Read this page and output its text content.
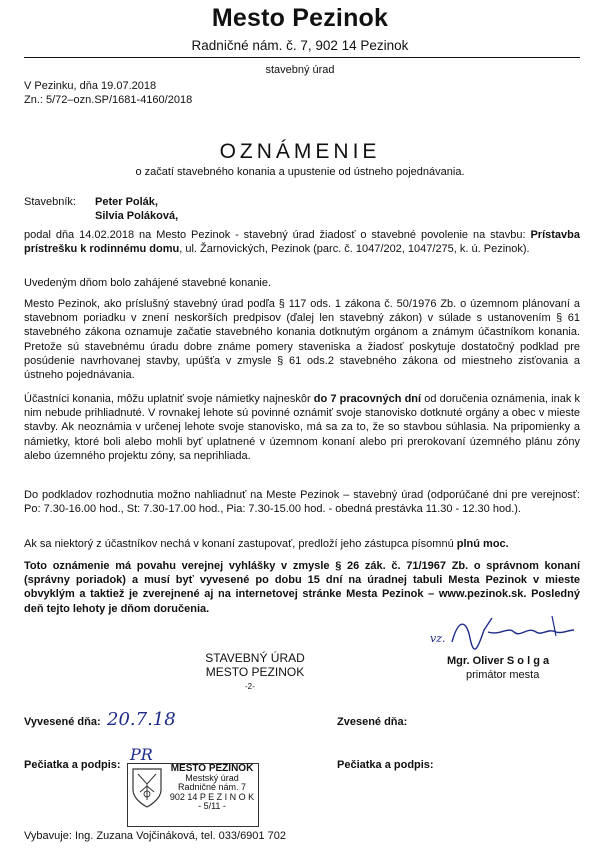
Mesto Pezinok
Radničné nám. č. 7, 902 14 Pezinok
stavebný úrad
V Pezinku, dňa 19.07.2018
Zn.: 5/72–ozn.SP/1681-4160/2018
OZNÁMENIE
o začatí stavebného konania a upustenie od ústneho pojednávania.
Stavebník: Peter Polák,
Silvia Poláková,
podal dňa 14.02.2018 na Mesto Pezinok - stavebný úrad žiadosť o stavebné povolenie na stavbu: Prístavba prístrešku k rodinnému domu, ul. Žarnovických, Pezinok (parc. č. 1047/202, 1047/275, k. ú. Pezinok).
Uvedeným dňom bolo zahájené stavebné konanie.
Mesto Pezinok, ako príslušný stavebný úrad podľa § 117 ods. 1 zákona č. 50/1976 Zb. o územnom plánovaní a stavebnom poriadku v znení neskorších predpisov (ďalej len stavebný zákon) v súlade s ustanovením § 61 stavebného zákona oznamuje začatie stavebného konania dotknutým orgánom a známym účastníkom konania. Pretože sú stavebnému úradu dobre známe pomery staveniska a žiadosť poskytuje dostatočný podklad pre posúdenie navrhovanej stavby, upúšťa v zmysle § 61 ods.2 stavebného zákona od miestneho zisťovania a ústneho pojednávania.
Účastníci konania, môžu uplatniť svoje námietky najneskôr do 7 pracovných dní od doručenia oznámenia, inak k nim nebude prihliadnuté. V rovnakej lehote sú povinné oznámiť svoje stanovisko dotknuté orgány a obec v mieste stavby. Ak neoznámia v určenej lehote svoje stanovisko, má sa za to, že so stavbou súhlasia. Na pripomienky a námietky, ktoré boli alebo mohli byť uplatnené v územnom konaní alebo pri prerokovaní územného plánu zóny alebo územného projektu zóny, sa neprihliada.
Do podkladov rozhodnutia možno nahliadnuť na Meste Pezinok – stavebný úrad (odporúčané dni pre verejnosť: Po: 7.30-16.00 hod., St: 7.30-17.00 hod., Pia: 7.30-15.00 hod. - obedná prestávka 11.30 - 12.30 hod.).
Ak sa niektorý z účastníkov nechá v konaní zastupovať, predloží jeho zástupca písomnú plnú moc.
Toto oznámenie má povahu verejnej vyhlášky v zmysle § 26 zák. č. 71/1967 Zb. o správnom konaní (správny poriadok) a musí byť vyvesené po dobu 15 dní na úradnej tabuli Mesta Pezinok v mieste obvyklým a taktiež je zverejnené aj na internetovej stránke Mesta Pezinok – www.pezinok.sk. Posledný deň tejto lehoty je dňom doručenia.
STAVEBNÝ ÚRAD
MESTO PEZINOK
-2-
vz.
Mgr. Oliver S o l g a
primátor mesta
Vyvesené dňa: 20.7.18	Zvesené dňa:
Pečiatka a podpis:
PR
Pečiatka a podpis:
MESTO PEZINOK
Mestský úrad
Radničné nám. 7
902 14 P E Z I N O K
- 5/11 -
Vybavuje: Ing. Zuzana Vojčináková, tel. 033/6901 702
